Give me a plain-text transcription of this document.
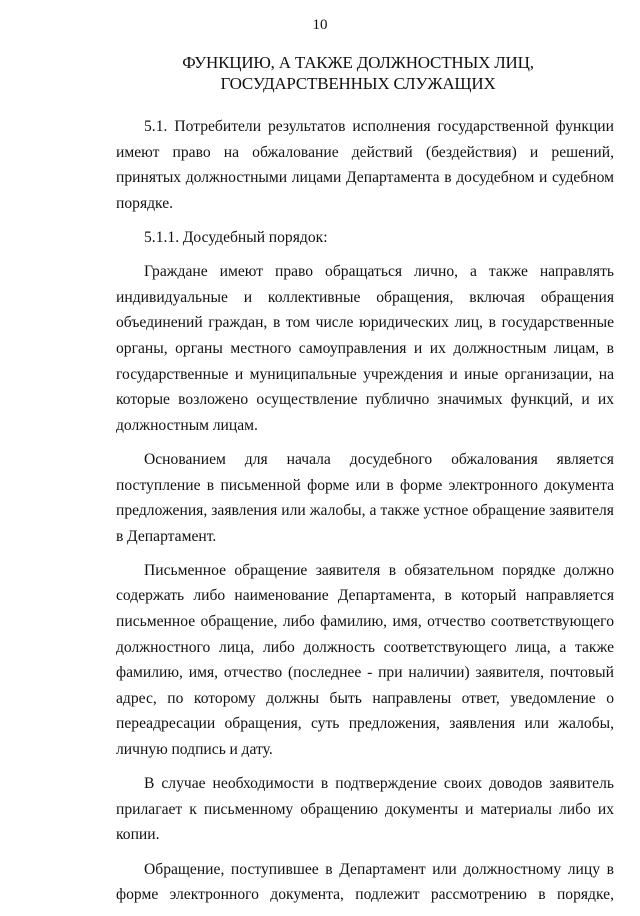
10
ФУНКЦИЮ, А ТАКЖЕ ДОЛЖНОСТНЫХ ЛИЦ, ГОСУДАРСТВЕННЫХ СЛУЖАЩИХ

5.1. Потребители результатов исполнения государственной функции имеют право на обжалование действий (бездействия) и решений, принятых должностными лицами Департамента в досудебном и судебном порядке.

5.1.1. Досудебный порядок:

Граждане имеют право обращаться лично, а также направлять индивидуальные и коллективные обращения, включая обращения объединений граждан, в том числе юридических лиц, в государственные органы, органы местного самоуправления и их должностным лицам, в государственные и муниципальные учреждения и иные организации, на которые возложено осуществление публично значимых функций, и их должностным лицам.

Основанием для начала досудебного обжалования является поступление в письменной форме или в форме электронного документа предложения, заявления или жалобы, а также устное обращение заявителя в Департамент.

Письменное обращение заявителя в обязательном порядке должно содержать либо наименование Департамента, в который направляется письменное обращение, либо фамилию, имя, отчество соответствующего должностного лица, либо должность соответствующего лица, а также фамилию, имя, отчество (последнее - при наличии) заявителя, почтовый адрес, по которому должны быть направлены ответ, уведомление о переадресации обращения, суть предложения, заявления или жалобы, личную подпись и дату.

В случае необходимости в подтверждение своих доводов заявитель прилагает к письменному обращению документы и материалы либо их копии.

Обращение, поступившее в Департамент или должностному лицу в форме электронного документа, подлежит рассмотрению в порядке,
